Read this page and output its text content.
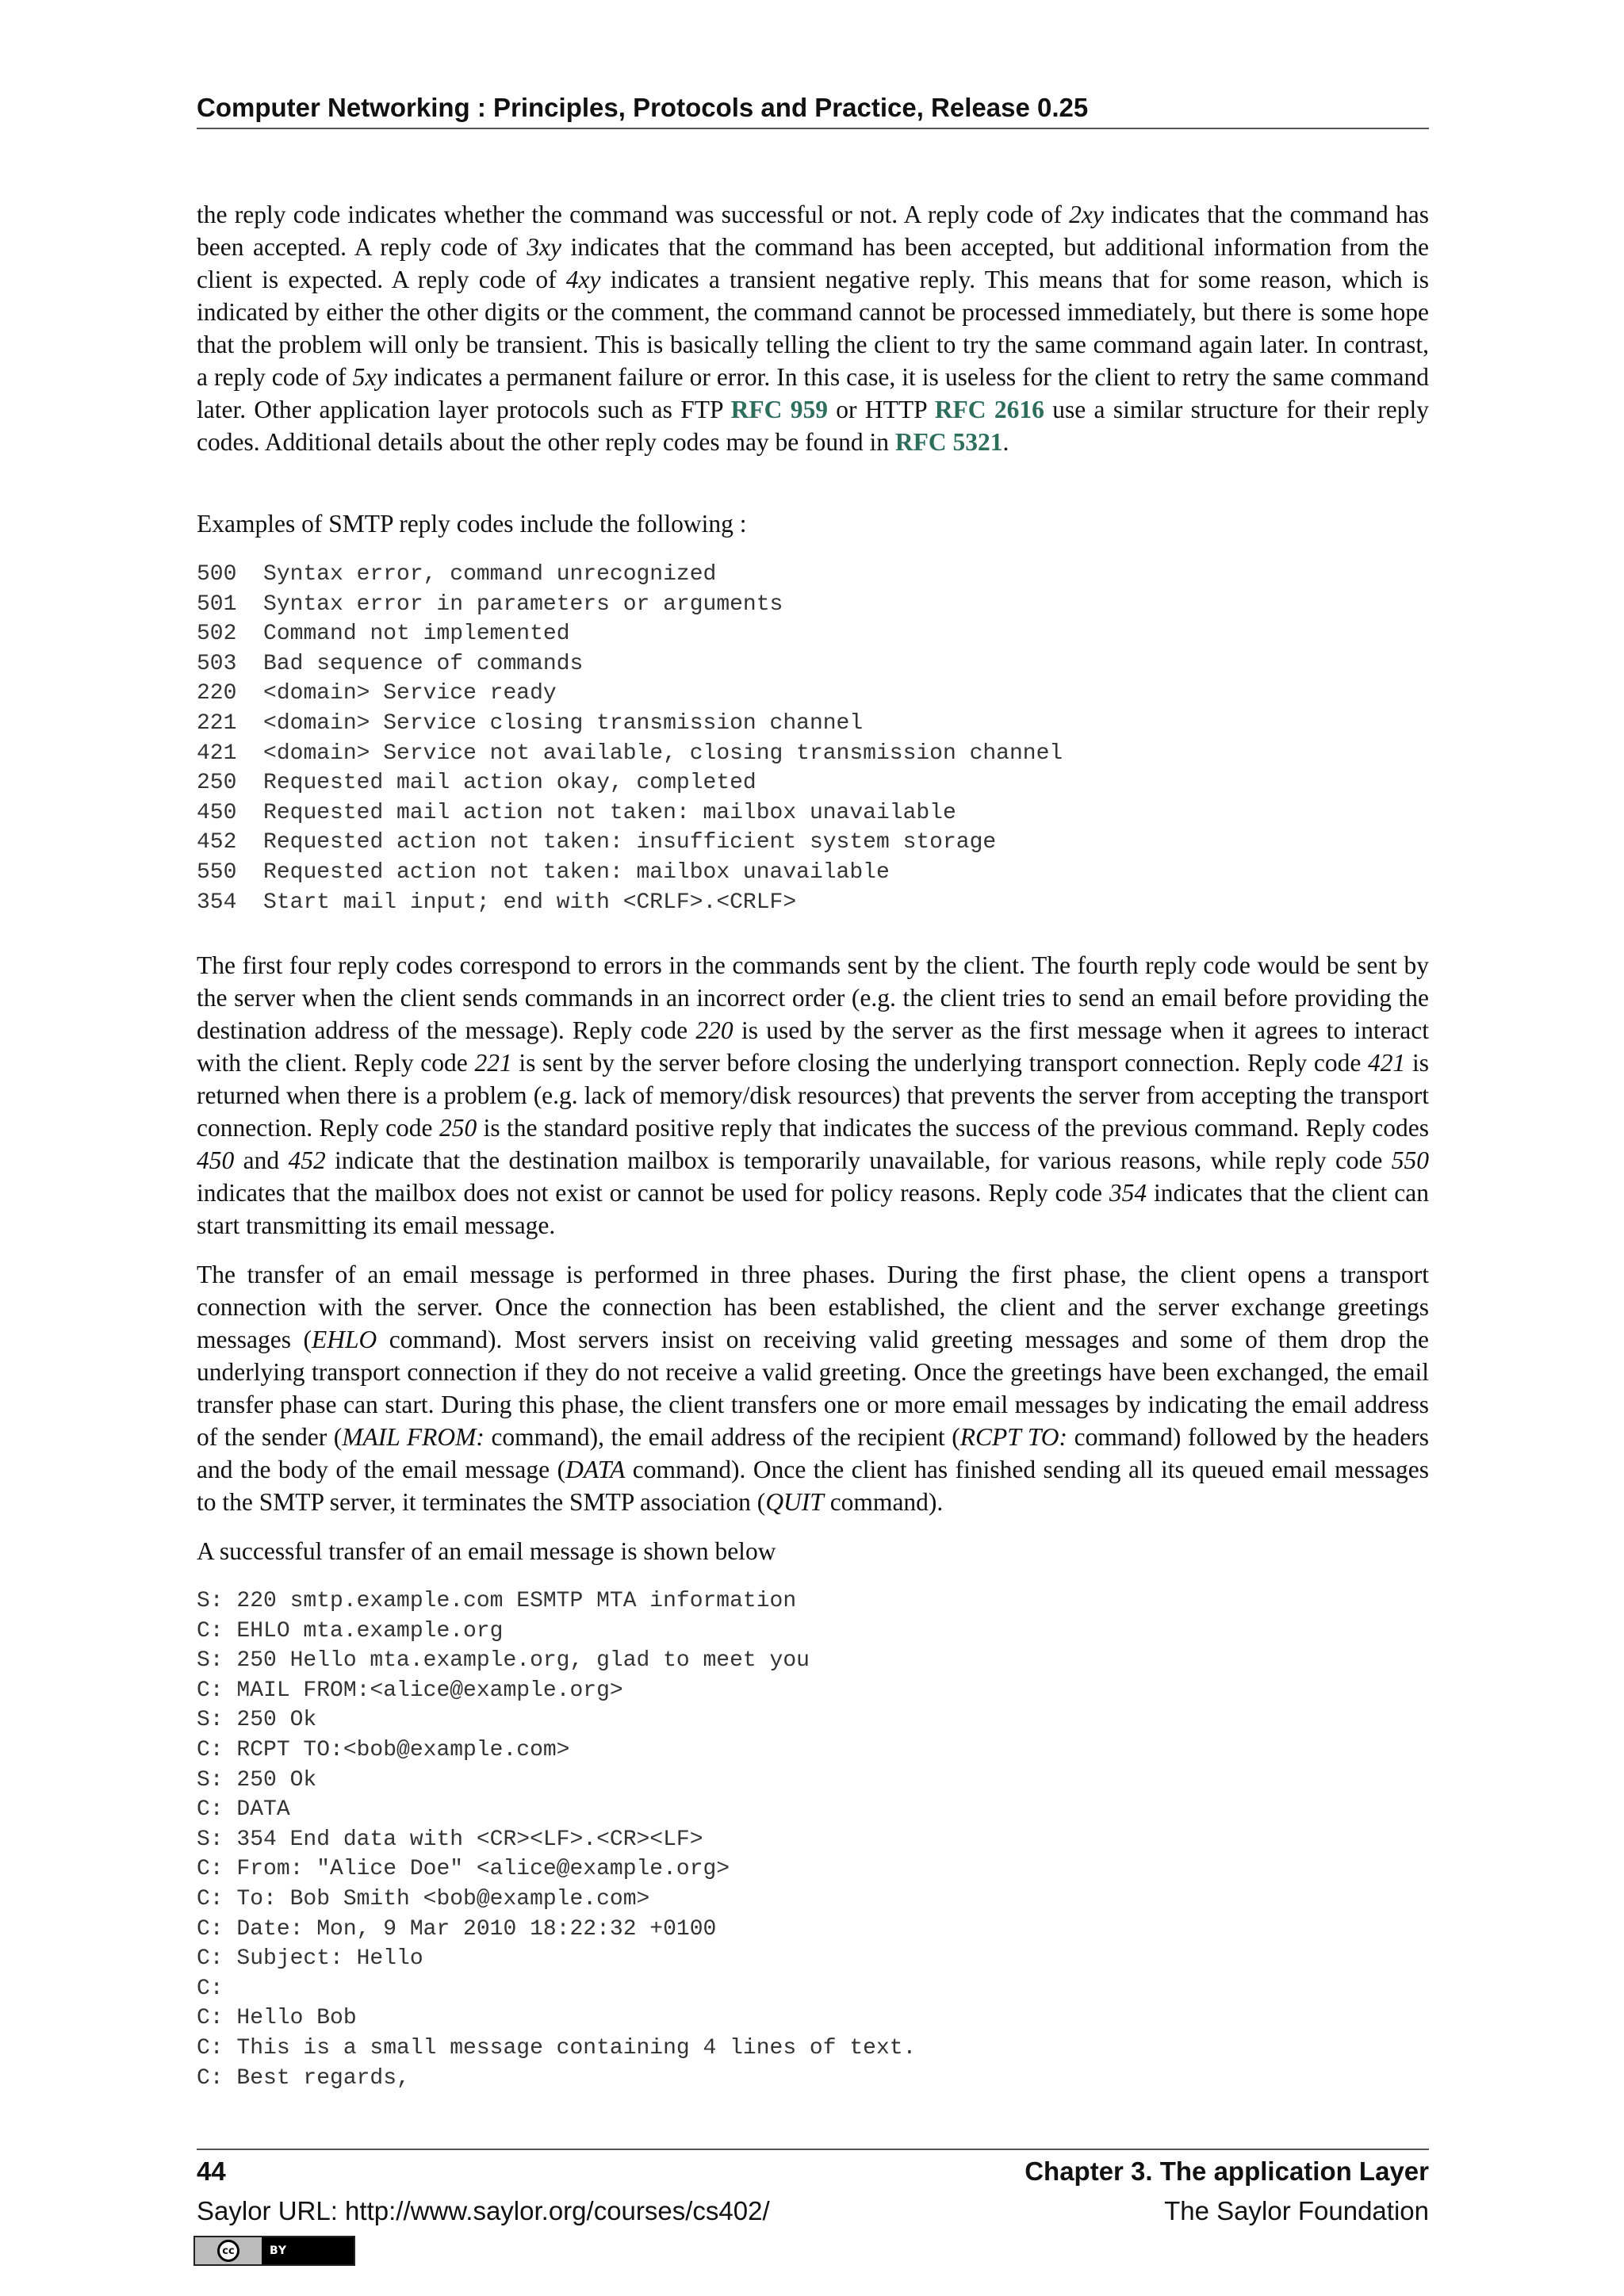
Computer Networking : Principles, Protocols and Practice, Release 0.25

the reply code indicates whether the command was successful or not. A reply code of 2xy indicates that the command has been accepted. A reply code of 3xy indicates that the command has been accepted, but additional information from the client is expected. A reply code of 4xy indicates a transient negative reply. This means that for some reason, which is indicated by either the other digits or the comment, the command cannot be processed immediately, but there is some hope that the problem will only be transient. This is basically telling the client to try the same command again later. In contrast, a reply code of 5xy indicates a permanent failure or error. In this case, it is useless for the client to retry the same command later. Other application layer protocols such as FTP RFC 959 or HTTP RFC 2616 use a similar structure for their reply codes. Additional details about the other reply codes may be found in RFC 5321.

Examples of SMTP reply codes include the following :

500 Syntax error, command unrecognized
501 Syntax error in parameters or arguments
502 Command not implemented
503 Bad sequence of commands
220 <domain> Service ready
221 <domain> Service closing transmission channel
421 <domain> Service not available, closing transmission channel
250 Requested mail action okay, completed
450 Requested mail action not taken: mailbox unavailable
452 Requested action not taken: insufficient system storage
550 Requested action not taken: mailbox unavailable
354 Start mail input; end with <CRLF>.<CRLF>

The first four reply codes correspond to errors in the commands sent by the client. The fourth reply code would be sent by the server when the client sends commands in an incorrect order (e.g. the client tries to send an email before providing the destination address of the message). Reply code 220 is used by the server as the first message when it agrees to interact with the client. Reply code 221 is sent by the server before closing the underlying transport connection. Reply code 421 is returned when there is a problem (e.g. lack of memory/disk resources) that prevents the server from accepting the transport connection. Reply code 250 is the standard positive reply that indicates the success of the previous command. Reply codes 450 and 452 indicate that the destination mailbox is temporarily unavailable, for various reasons, while reply code 550 indicates that the mailbox does not exist or cannot be used for policy reasons. Reply code 354 indicates that the client can start transmitting its email message.

The transfer of an email message is performed in three phases. During the first phase, the client opens a transport connection with the server. Once the connection has been established, the client and the server exchange greetings messages (EHLO command). Most servers insist on receiving valid greeting messages and some of them drop the underlying transport connection if they do not receive a valid greeting. Once the greetings have been exchanged, the email transfer phase can start. During this phase, the client transfers one or more email messages by indicating the email address of the sender (MAIL FROM: command), the email address of the recipient (RCPT TO: command) followed by the headers and the body of the email message (DATA command). Once the client has finished sending all its queued email messages to the SMTP server, it terminates the SMTP association (QUIT command).

A successful transfer of an email message is shown below

S: 220 smtp.example.com ESMTP MTA information
C: EHLO mta.example.org
S: 250 Hello mta.example.org, glad to meet you
C: MAIL FROM:<alice@example.org>
S: 250 Ok
C: RCPT TO:<bob@example.com>
S: 250 Ok
C: DATA
S: 354 End data with <CR><LF>.<CR><LF>
C: From: "Alice Doe" <alice@example.org>
C: To: Bob Smith <bob@example.com>
C: Date: Mon, 9 Mar 2010 18:22:32 +0100
C: Subject: Hello
C:
C: Hello Bob
C: This is a small message containing 4 lines of text.
C: Best regards,
44	Chapter 3. The application Layer
Saylor URL: http://www.saylor.org/courses/cs402/	The Saylor Foundation
cc	BY
